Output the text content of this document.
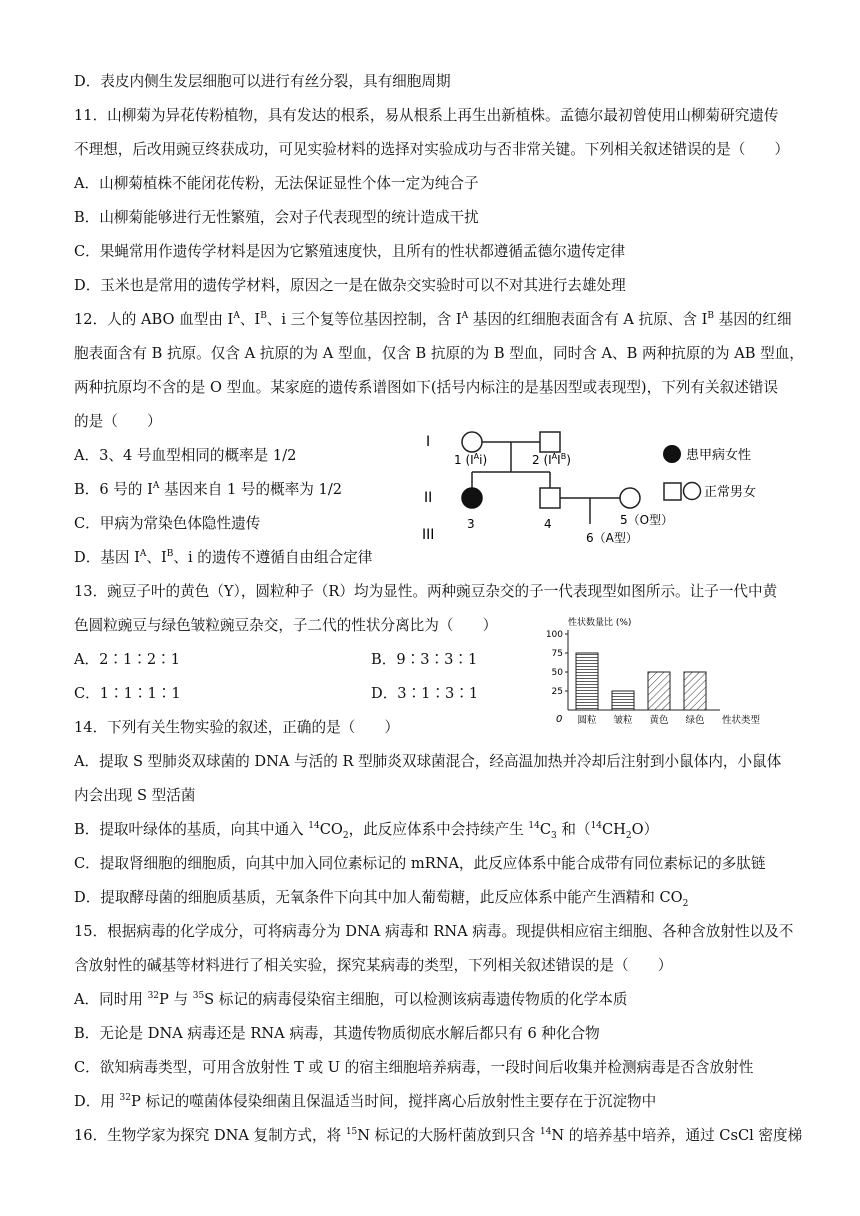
D．表皮内侧生发层细胞可以进行有丝分裂，具有细胞周期
11．山柳菊为异花传粉植物，具有发达的根系，易从根系上再生出新植株。孟德尔最初曾使用山柳菊研究遗传
不理想，后改用豌豆终获成功，可见实验材料的选择对实验成功与否非常关键。下列相关叙述错误的是（　　）
A．山柳菊植株不能闭花传粉，无法保证显性个体一定为纯合子
B．山柳菊能够进行无性繁殖，会对子代表现型的统计造成干扰
C．果蝇常用作遗传学材料是因为它繁殖速度快，且所有的性状都遵循孟德尔遗传定律
D．玉米也是常用的遗传学材料，原因之一是在做杂交实验时可以不对其进行去雄处理
12．人的 ABO 血型由 $I^A$、$I^B$、i 三个复等位基因控制，含 $I^A$ 基因的红细胞表面含有 A 抗原、含 $I^B$ 基因的红细
胞表面含有 B 抗原。仅含 A 抗原的为 A 型血，仅含 B 抗原的为 B 型血，同时含 A、B 两种抗原的为 AB 型血，
两种抗原均不含的是 O 型血。某家庭的遗传系谱图如下(括号内标注的是基因型或表现型)，下列有关叙述错误
的是（　　）
A．3、4 号血型相同的概率是 1/2
B．6 号的 $I^A$ 基因来自 1 号的概率为 1/2
C．甲病为常染色体隐性遗传
D．基因 $I^A$、$I^B$、i 的遗传不遵循自由组合定律
I
II
III
1 $(I^Ai)$	2 $(I^AI^B)$
3	4	5（O型）
6（A型）
患甲病女性
正常男女
13．豌豆子叶的黄色（Y），圆粒种子（R）均为显性。两种豌豆杂交的子一代表现型如图所示。让子一代中黄
色圆粒豌豆与绿色皱粒豌豆杂交，子二代的性状分离比为（　　）
A．2∶1∶2∶1	B．9∶3∶3∶1
C．1∶1∶1∶1	D．3∶1∶3∶1
性状数量比 (%)
25
50
75
100
0 圆粒 皱粒 黄色 绿色 性状类型
14．下列有关生物实验的叙述，正确的是（　　）
A．提取 S 型肺炎双球菌的 DNA 与活的 R 型肺炎双球菌混合，经高温加热并冷却后注射到小鼠体内，小鼠体
内会出现 S 型活菌
B．提取叶绿体的基质，向其中通入 $^{14}CO_2$，此反应体系中会持续产生 $^{14}C_3$ 和$(^{14}CH_2O)$
C．提取肾细胞的细胞质，向其中加入同位素标记的 mRNA，此反应体系中能合成带有同位素标记的多肽链
D．提取酵母菌的细胞质基质，无氧条件下向其中加人葡萄糖，此反应体系中能产生酒精和 $CO_2$
15．根据病毒的化学成分，可将病毒分为 DNA 病毒和 RNA 病毒。现提供相应宿主细胞、各种含放射性以及不
含放射性的碱基等材料进行了相关实验，探究某病毒的类型，下列相关叙述错误的是（　　）
A．同时用 $^{32}$P 与 $^{35}$S 标记的病毒侵染宿主细胞，可以检测该病毒遗传物质的化学本质
B．无论是 DNA 病毒还是 RNA 病毒，其遗传物质彻底水解后都只有 6 种化合物
C．欲知病毒类型，可用含放射性 T 或 U 的宿主细胞培养病毒，一段时间后收集并检测病毒是否含放射性
D．用 $^{32}$P 标记的噬菌体侵染细菌且保温适当时间，搅拌离心后放射性主要存在于沉淀物中
16．生物学家为探究 DNA 复制方式，将 $^{15}$N 标记的大肠杆菌放到只含 $^{14}$N 的培养基中培养，通过 CsCl 密度梯
